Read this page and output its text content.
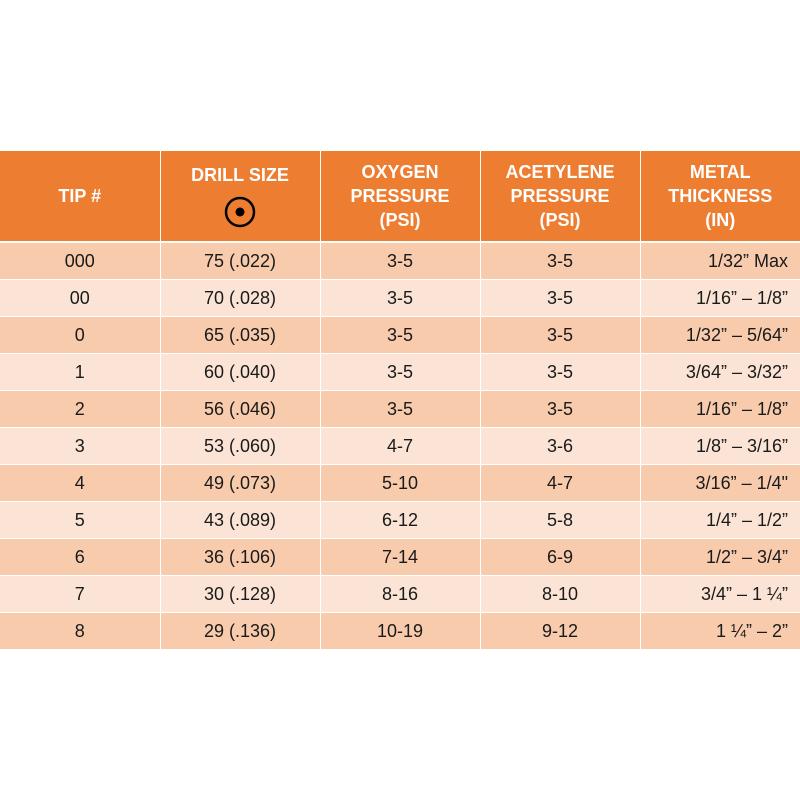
TIP #	DRILL SIZE	OXYGEN
PRESSURE
(PSI)	ACETYLENE
PRESSURE
(PSI)	METAL
THICKNESS
(IN)

000	75 (.022)	3-5	3-5	1/32” Max
00	70 (.028)	3-5	3-5	1/16” – 1/8”
0	65 (.035)	3-5	3-5	1/32” – 5/64”
1	60 (.040)	3-5	3-5	3/64” – 3/32”
2	56 (.046)	3-5	3-5	1/16” – 1/8”
3	53 (.060)	4-7	3-6	1/8” – 3/16”
4	49 (.073)	5-10	4-7	3/16” – 1/4"
5	43 (.089)	6-12	5-8	1/4” – 1/2”
6	36 (.106)	7-14	6-9	1/2” – 3/4”
7	30 (.128)	8-16	8-10	3/4” – 1 ¼”
8	29 (.136)	10-19	9-12	1 ¼” – 2”
